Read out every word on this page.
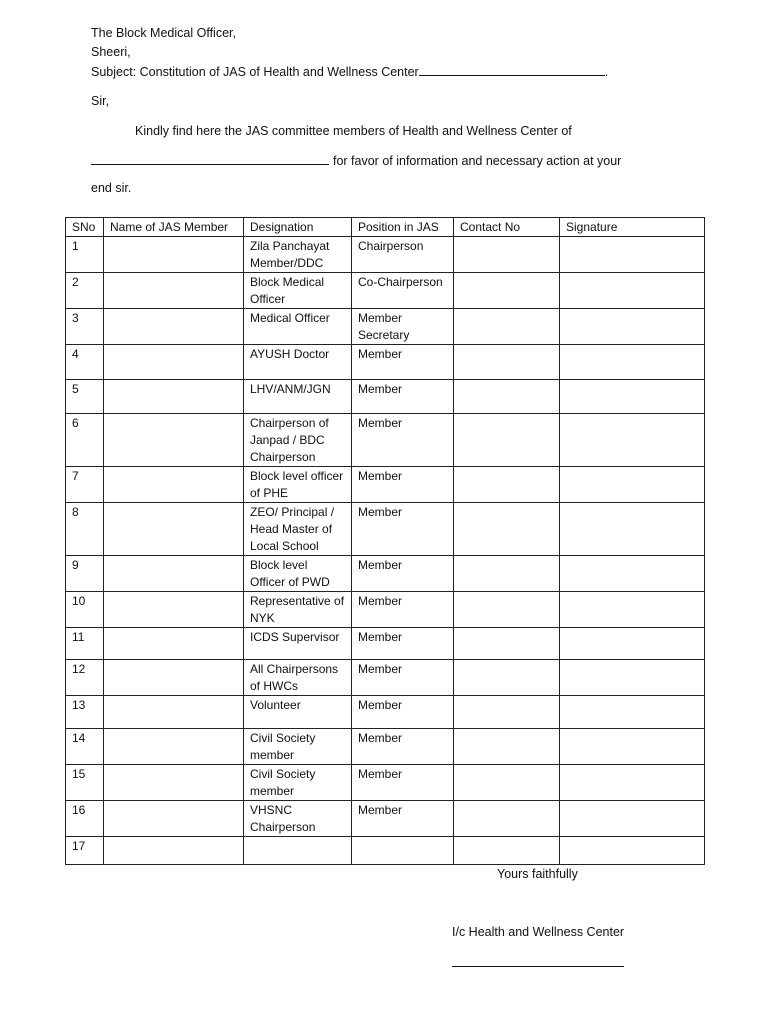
The Block Medical Officer,
Sheeri,
Subject: Constitution of JAS of Health and Wellness Center	.
Sir,
Kindly find here the JAS committee members of Health and Wellness Center of
for favor of information and necessary action at your
end sir.
SNo	Name of JAS Member	Designation	Position in JAS	Contact No	Signature
1		Zila Panchayat Member/DDC	Chairperson		
2		Block Medical Officer	Co-Chairperson		
3		Medical Officer	Member Secretary		
4		AYUSH Doctor	Member		
5		LHV/ANM/JGN	Member		
6		Chairperson of Janpad / BDC Chairperson	Member		
7		Block level officer of PHE	Member		
8		ZEO/ Principal / Head Master of Local School	Member		
9		Block level Officer of PWD	Member		
10		Representative of NYK	Member		
11		ICDS Supervisor	Member		
12		All Chairpersons of HWCs	Member		
13		Volunteer	Member		
14		Civil Society member	Member		
15		Civil Society member	Member		
16		VHSNC Chairperson	Member		
17					
Yours faithfully
I/c Health and Wellness Center
